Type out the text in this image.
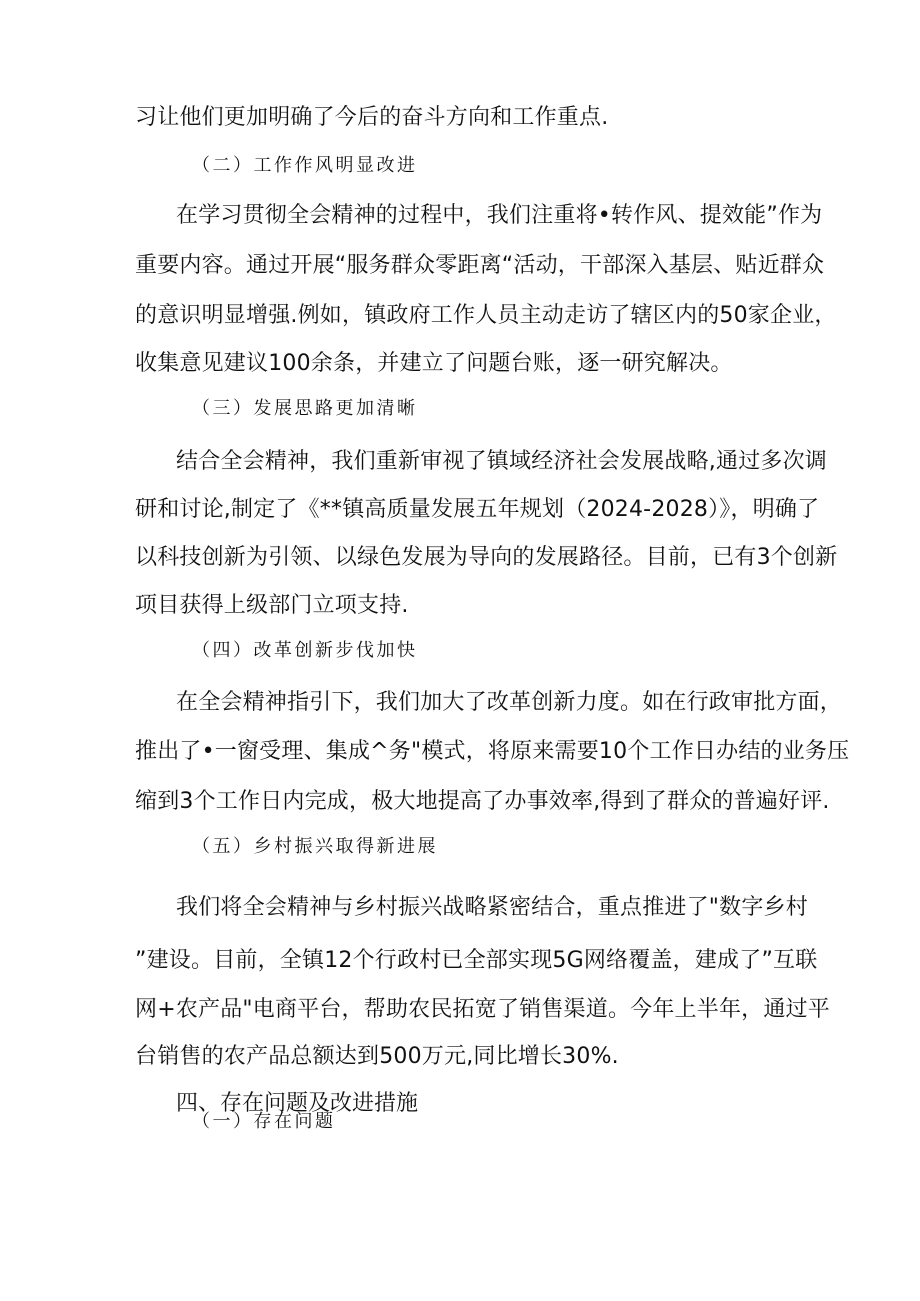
习让他们更加明确了今后的奋斗方向和工作重点.
（二）工作作风明显改进
在学习贯彻全会精神的过程中，我们注重将•转作风、提效能”作为
重要内容。通过开展“服务群众零距离“活动，干部深入基层、贴近群众
的意识明显增强.例如，镇政府工作人员主动走访了辖区内的50家企业，
收集意见建议100余条，并建立了问题台账，逐一研究解决。
（三）发展思路更加清晰
结合全会精神，我们重新审视了镇域经济社会发展战略,通过多次调
研和讨论,制定了《**镇高质量发展五年规划（2024-2028）》，明确了
以科技创新为引领、以绿色发展为导向的发展路径。目前，已有3个创新
项目获得上级部门立项支持.
（四）改革创新步伐加快
在全会精神指引下，我们加大了改革创新力度。如在行政审批方面，
推出了•一窗受理、集成^务"模式，将原来需要10个工作日办结的业务压
缩到3个工作日内完成，极大地提高了办事效率,得到了群众的普遍好评.
（五）乡村振兴取得新进展
我们将全会精神与乡村振兴战略紧密结合，重点推进了"数字乡村
”建设。目前，全镇12个行政村已全部实现5G网络覆盖，建成了”互联
网+农产品"电商平台，帮助农民拓宽了销售渠道。今年上半年，通过平
台销售的农产品总额达到500万元,同比增长30%.
四、存在问题及改进措施
（一）存在问题
